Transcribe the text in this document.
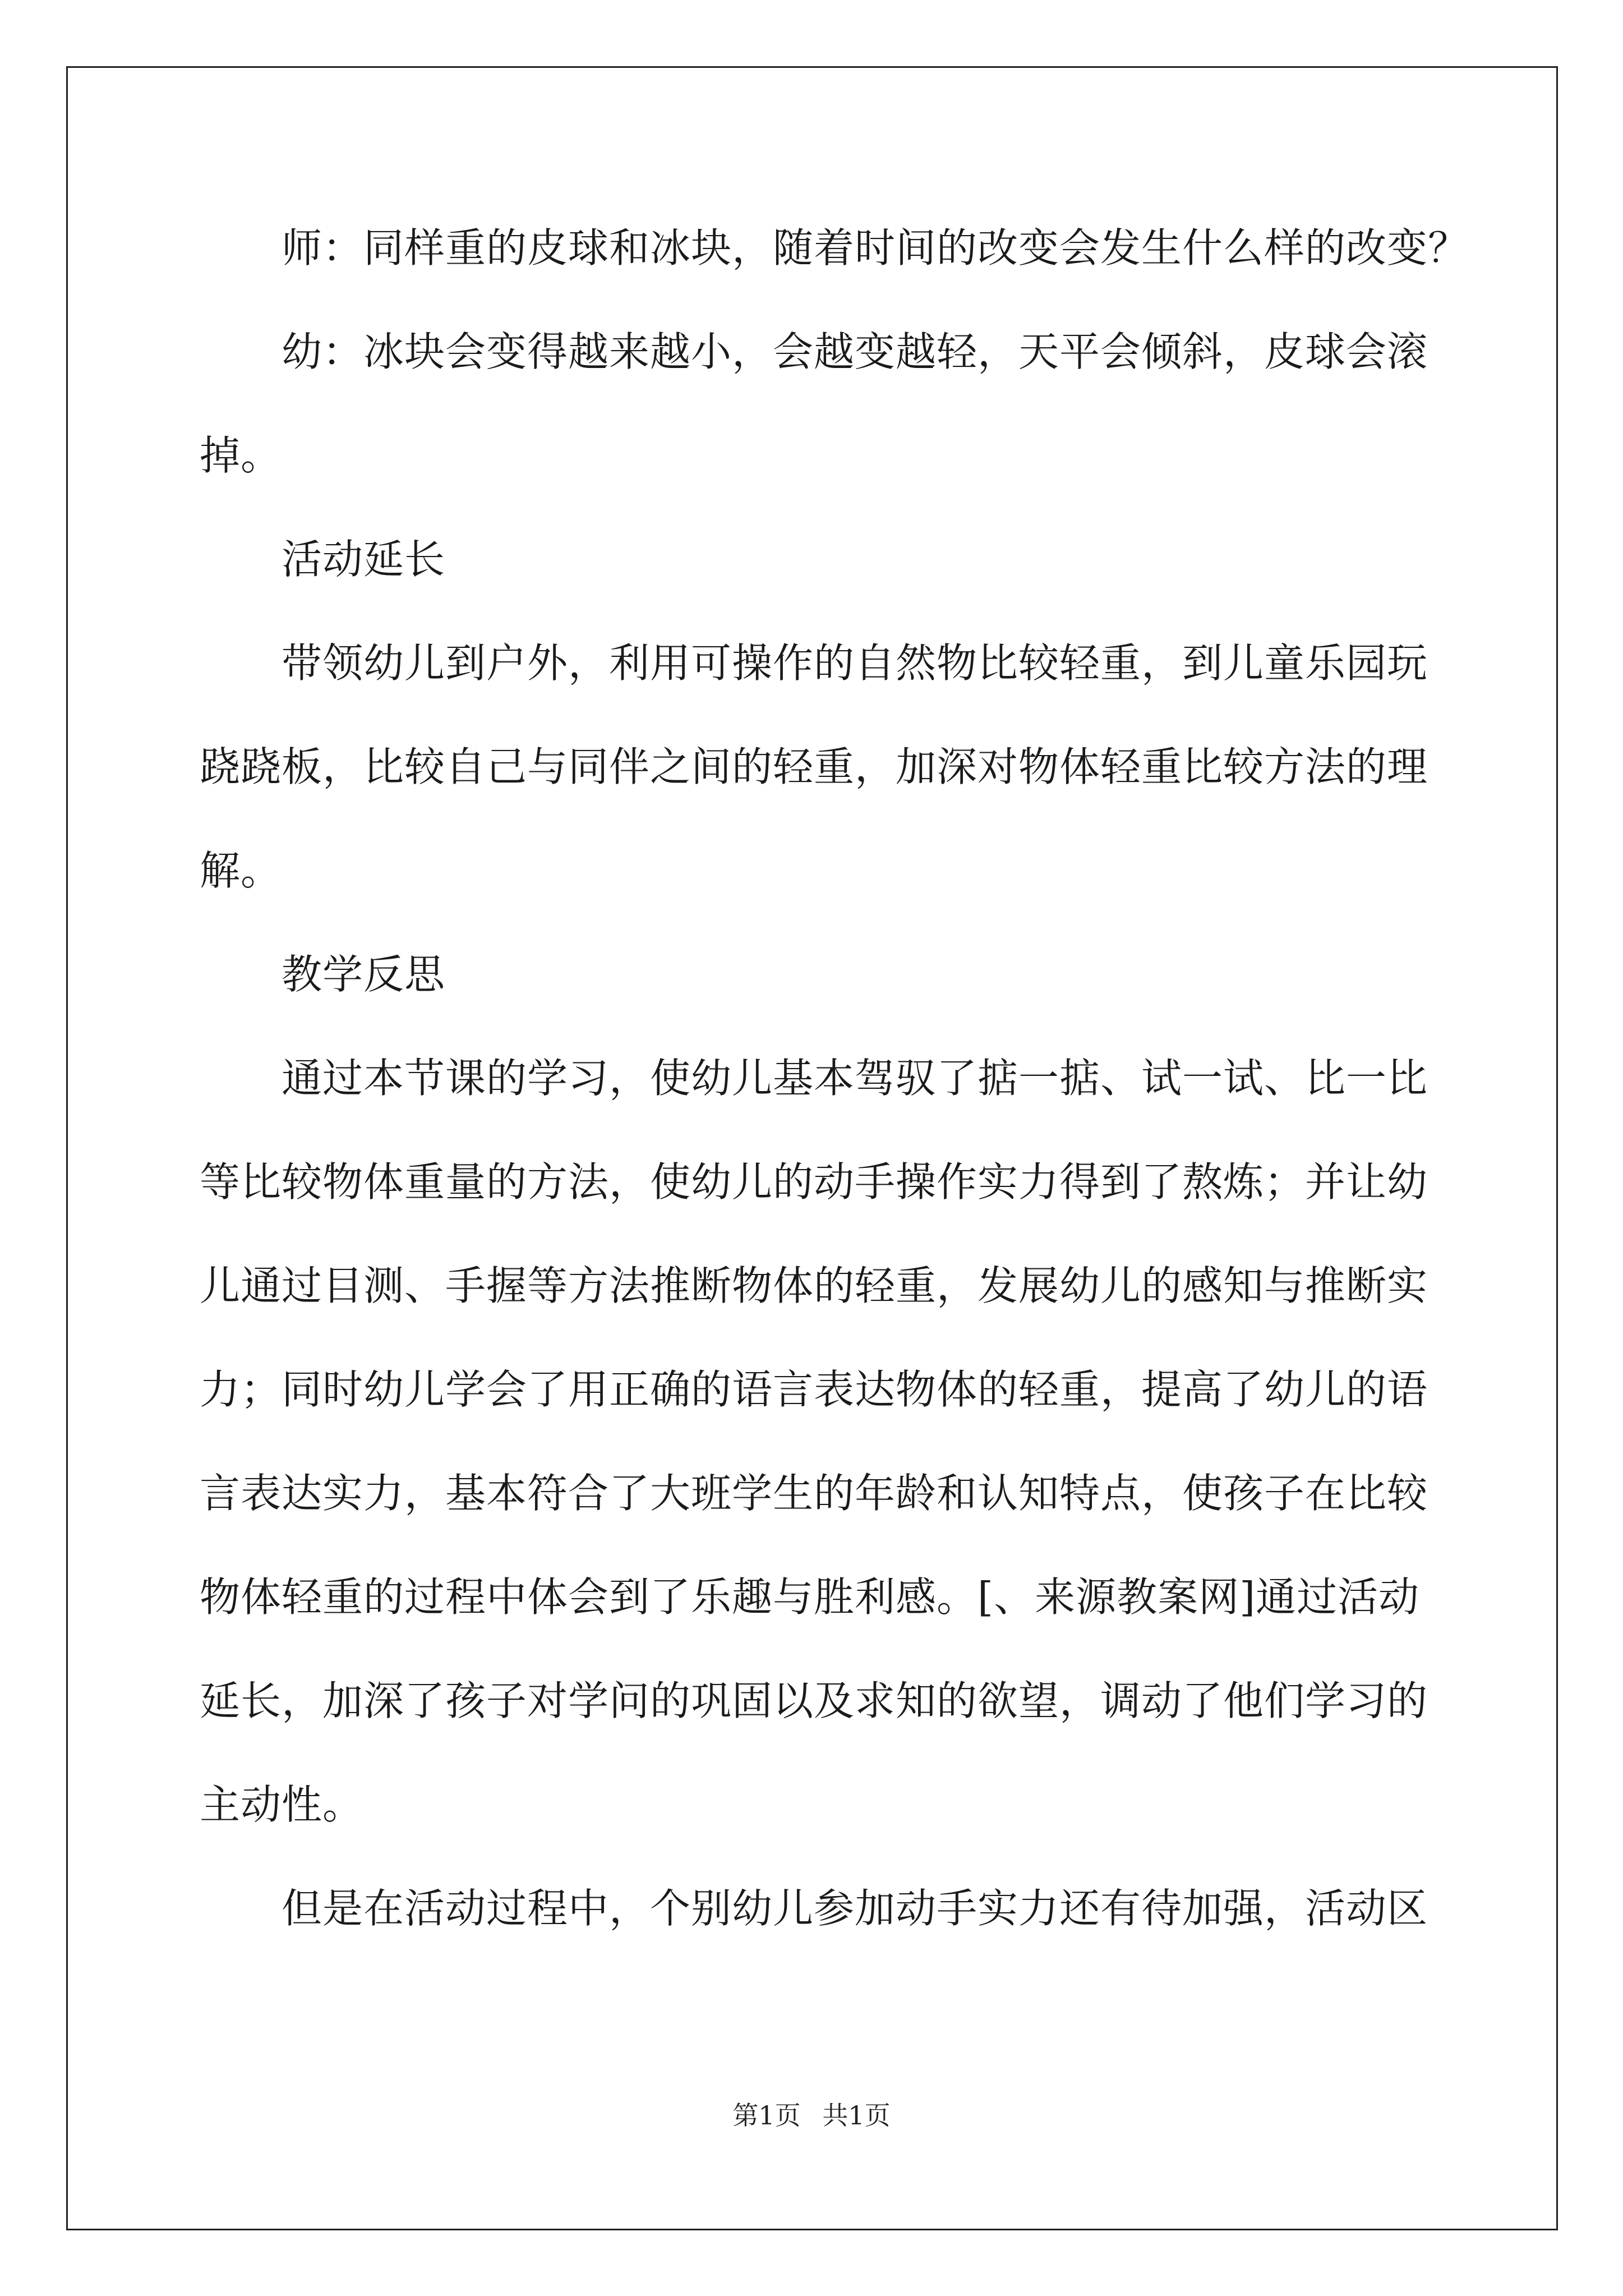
　　师：同样重的皮球和冰块，随着时间的改变会发生什么样的改变？
　　幼：冰块会变得越来越小，会越变越轻，天平会倾斜，皮球会滚
掉。
　　活动延长
　　带领幼儿到户外，利用可操作的自然物比较轻重，到儿童乐园玩
跷跷板，比较自己与同伴之间的轻重，加深对物体轻重比较方法的理
解。
　　教学反思
　　通过本节课的学习，使幼儿基本驾驭了掂一掂、试一试、比一比
等比较物体重量的方法，使幼儿的动手操作实力得到了熬炼；并让幼
儿通过目测、手握等方法推断物体的轻重，发展幼儿的感知与推断实
力；同时幼儿学会了用正确的语言表达物体的轻重，提高了幼儿的语
言表达实力，基本符合了大班学生的年龄和认知特点，使孩子在比较
物体轻重的过程中体会到了乐趣与胜利感。[、来源教案网]通过活动
延长，加深了孩子对学问的巩固以及求知的欲望，调动了他们学习的
主动性。
　　但是在活动过程中，个别幼儿参加动手实力还有待加强，活动区
第1页 共1页
